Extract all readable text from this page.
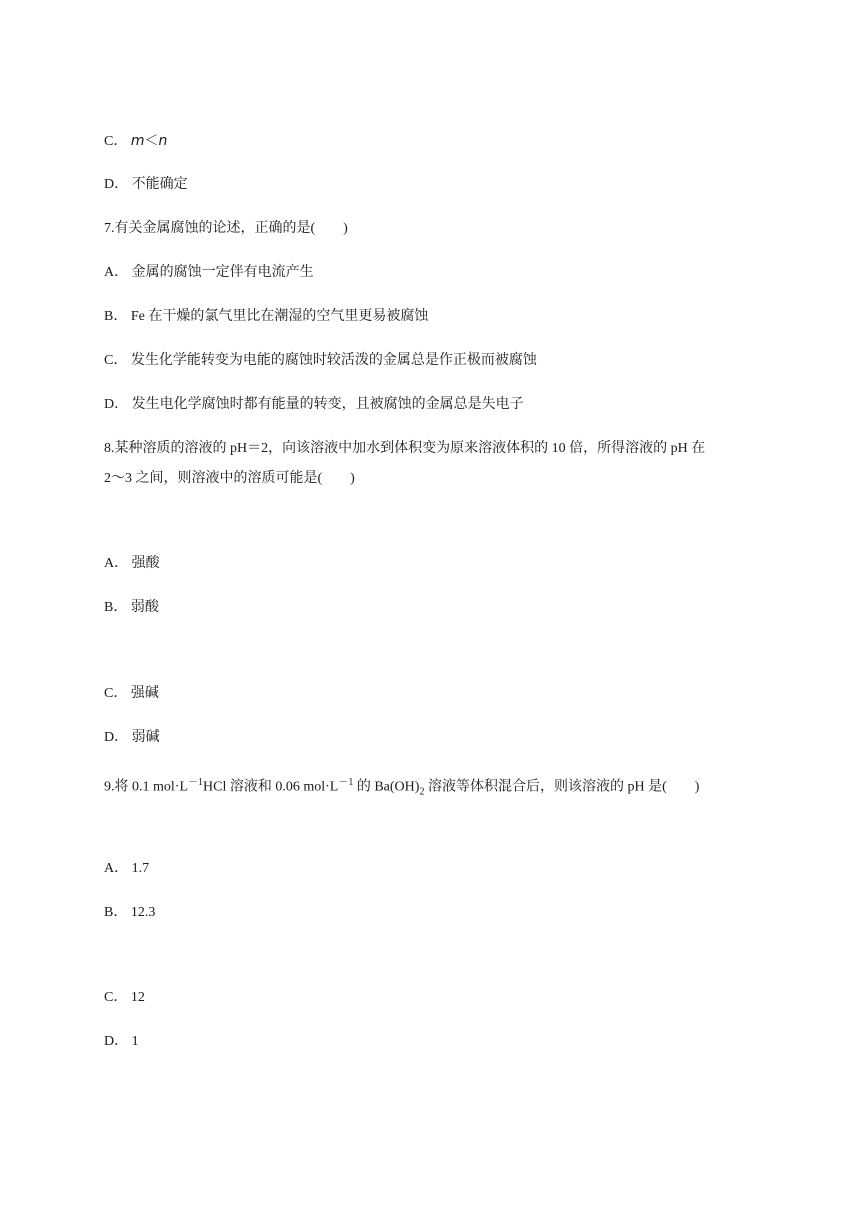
C． m＜n
D． 不能确定
7.有关金属腐蚀的论述，正确的是(　　)
A． 金属的腐蚀一定伴有电流产生
B． Fe 在干燥的氯气里比在潮湿的空气里更易被腐蚀
C． 发生化学能转变为电能的腐蚀时较活泼的金属总是作正极而被腐蚀
D． 发生电化学腐蚀时都有能量的转变，且被腐蚀的金属总是失电子
8.某种溶质的溶液的 pH＝2，向该溶液中加水到体积变为原来溶液体积的 10 倍，所得溶液的 pH 在
2～3 之间，则溶液中的溶质可能是(　　)
A． 强酸
B． 弱酸
C． 强碱
D． 弱碱
9.将 0.1 $mol\cdot L^{-1}HCl$ 溶液和 0.06 $mol\cdot L^{-1}$ 的 $Ba(OH)_2$ 溶液等体积混合后，则该溶液的 pH 是(　　)
A． 1.7
B． 12.3
C． 12
D． 1
